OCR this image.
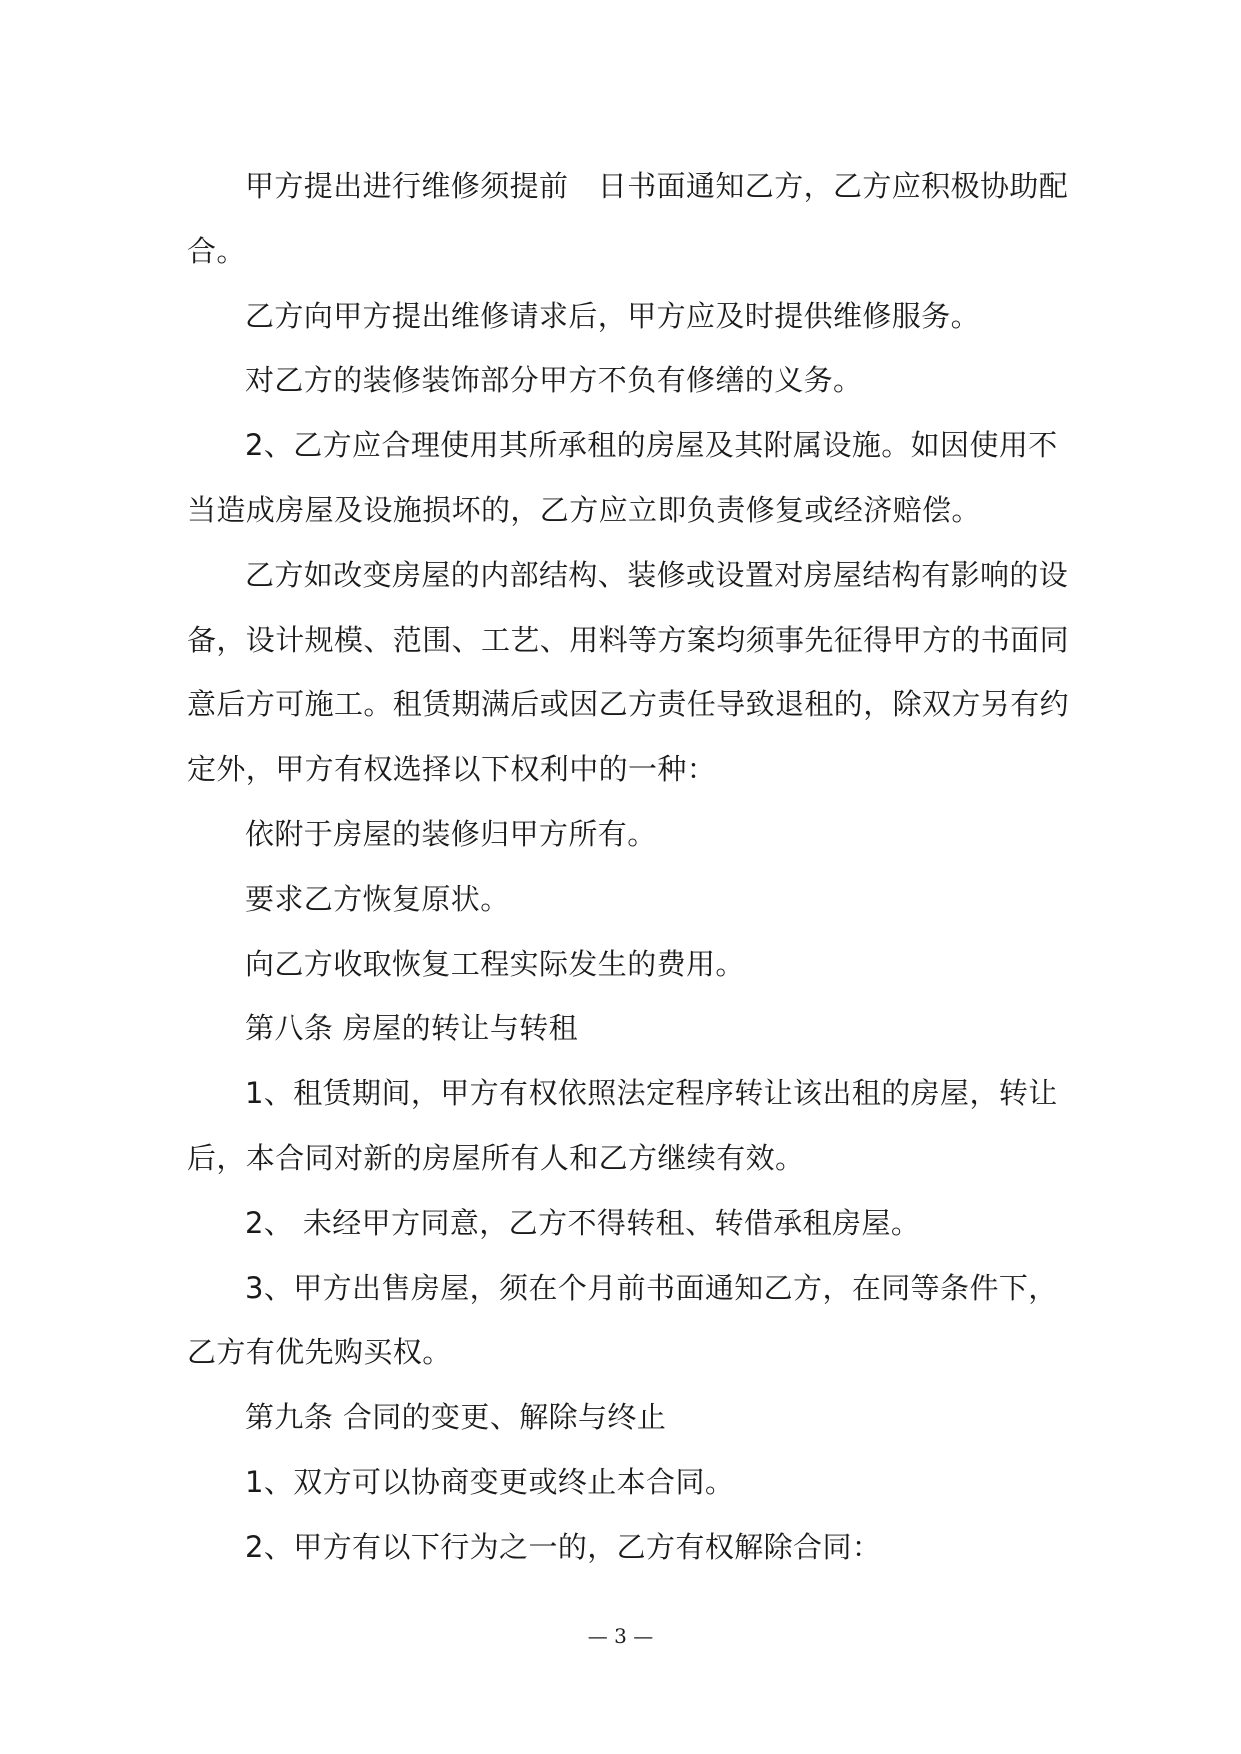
甲方提出进行维修须提前　日书面通知乙方，乙方应积极协助配
合。
乙方向甲方提出维修请求后，甲方应及时提供维修服务。
对乙方的装修装饰部分甲方不负有修缮的义务。
2、乙方应合理使用其所承租的房屋及其附属设施。如因使用不
当造成房屋及设施损坏的，乙方应立即负责修复或经济赔偿。
乙方如改变房屋的内部结构、装修或设置对房屋结构有影响的设
备，设计规模、范围、工艺、用料等方案均须事先征得甲方的书面同
意后方可施工。租赁期满后或因乙方责任导致退租的，除双方另有约
定外，甲方有权选择以下权利中的一种：
依附于房屋的装修归甲方所有。
要求乙方恢复原状。
向乙方收取恢复工程实际发生的费用。
第八条 房屋的转让与转租
1、租赁期间，甲方有权依照法定程序转让该出租的房屋，转让
后，本合同对新的房屋所有人和乙方继续有效。
2、 未经甲方同意，乙方不得转租、转借承租房屋。
3、甲方出售房屋，须在个月前书面通知乙方，在同等条件下，
乙方有优先购买权。
第九条 合同的变更、解除与终止
1、双方可以协商变更或终止本合同。
2、甲方有以下行为之一的，乙方有权解除合同：
— 3 —
